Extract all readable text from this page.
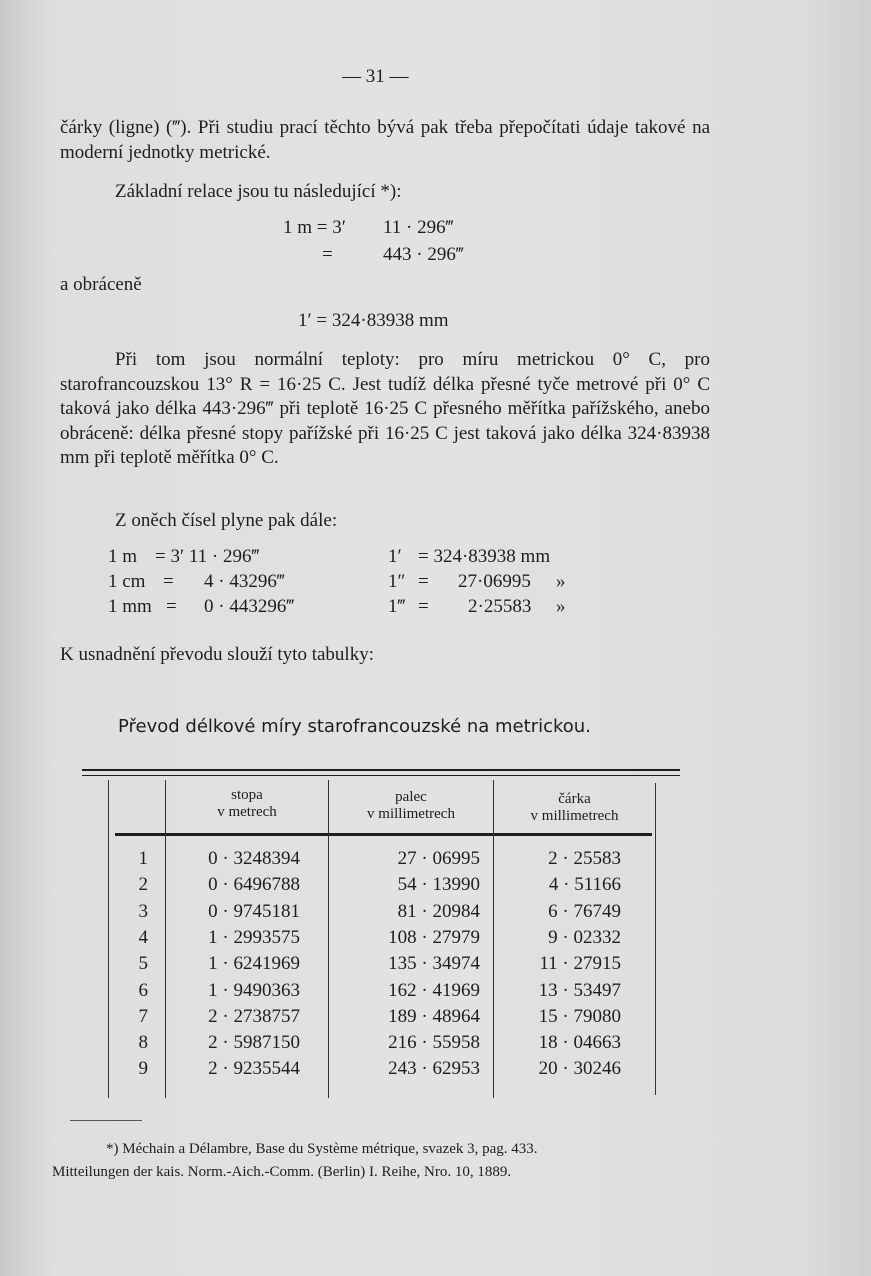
— 31 —
čárky (ligne) (‴). Při studiu prací těchto bývá pak třeba přepočítati údaje takové na moderní jednotky metrické.
Základní relace jsou tu následující *):
1 m = 3′ 11 · 296‴
=	443 · 296‴
a obráceně
1′ = 324·83938 mm
Při tom jsou normální teploty: pro míru metrickou 0° C, pro starofrancouzskou 13° R = 16·25 C. Jest tudíž délka přesné tyče metrové při 0° C taková jako délka 443·296‴ při teplotě 16·25 C přesného měřítka pařížského, anebo obráceně: délka přesné stopy pařížské při 16·25 C jest taková jako délka 324·83938 mm při teplotě měřítka 0° C.
Z oněch čísel plyne pak dále:
1 m = 3′ 11 · 296‴	1′ = 324·83938 mm
1 cm = 4 · 43296‴	1″ = 27·06995 »
1 mm = 0 · 443296‴	1‴ = 2·25583 »
K usnadnění převodu slouží tyto tabulky:
Převod délkové míry starofrancouzské na metrickou.
stopa
v metrech
palec
v millimetrech
čárka
v millimetrech
1	0 · 3248394	27 · 06995	2 · 25583
2	0 · 6496788	54 · 13990	4 · 51166
3	0 · 9745181	81 · 20984	6 · 76749
4	1 · 2993575	108 · 27979	9 · 02332
5	1 · 6241969	135 · 34974	11 · 27915
6	1 · 9490363	162 · 41969	13 · 53497
7	2 · 2738757	189 · 48964	15 · 79080
8	2 · 5987150	216 · 55958	18 · 04663
9	2 · 9235544	243 · 62953	20 · 30246
*) Méchain a Délambre, Base du Système métrique, svazek 3, pag. 433.
Mitteilungen der kais. Norm.-Aich.-Comm. (Berlin) I. Reihe, Nro. 10, 1889.
